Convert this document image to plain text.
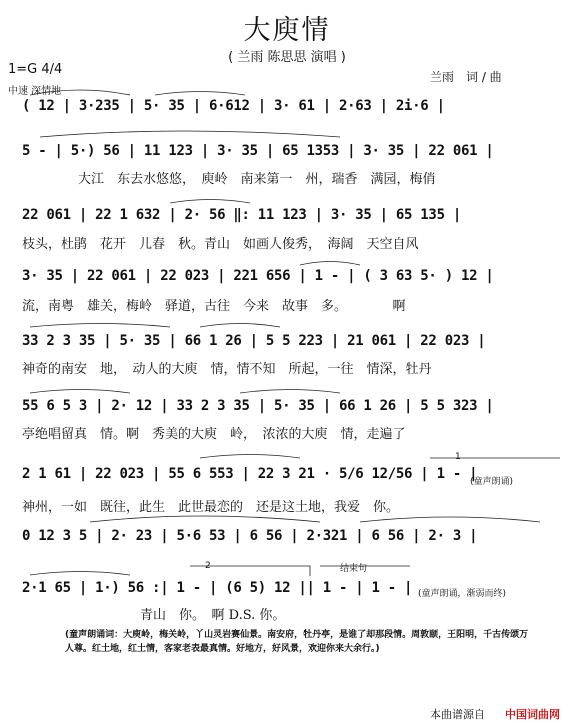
大庾情
( 兰雨 陈思思 演唱 )
1=G 4/4
中速 深情地
兰雨　词 / 曲
( 12 | 3·235 | 5· 35 | 6·612 | 3· 61 | 2·63 | 2i·6 |
5 - | 5·) 56 | 11 123 | 3· 35 | 65 1353 | 3· 35 | 22 061 |
大江　东去水悠悠，　庾岭　南来第一　州，瑞香　满园，梅俏
22 061 | 22 1 632 | 2· 56 ‖: 11 123 | 3· 35 | 65 135 |
枝头，杜鹃　花开　儿春　秋。青山　如画人俊秀，　海阔　天空自风
3· 35 | 22 061 | 22 023 | 221 656 | 1 - | ( 3 63 5· ) 12 |
流，南粤　雄关，梅岭　驿道，古往　今来　故事　多。　　　　啊
33 2 3 35 | 5· 35 | 66 1 26 | 5 5 223 | 21 061 | 22 023 |
神奇的南安　地，　动人的大庾　情，情不知　所起，一往　情深，牡丹
55 6 5 3 | 2· 12 | 33 2 3 35 | 5· 35 | 66 1 26 | 5 5 323 |
亭绝唱留真　情。啊　秀美的大庾　岭，　浓浓的大庾　情，走遍了
2 1 61 | 22 023 | 55 6 553 | 22 3 21 · 5/6 12/56 | 1 - |
神州，一如　既往，此生　此世最恋的　还是这土地，我爱　你。
(童声朗诵)
0 12 3 5 | 2· 23 | 5·6 53 | 6 56 | 2·321 | 6 56 | 2· 3 |
2·1 65 | 1·) 56 :| 1 - | (6 5) 12 || 1 - | 1 - |
青山　你。　啊 D.S. 你。
结束句
2
1
(童声朗诵，渐弱而终)
(童声朗诵词：大庾岭，梅关岭，丫山灵岩赛仙景。南安府，牡丹亭，是谁了却那段情。周敦颐，王阳明，千古传颂万人尊。红土地，红土情，客家老表最真情。好地方，好风景，欢迎你来大余行。)
本曲谱源自 中国词曲网
